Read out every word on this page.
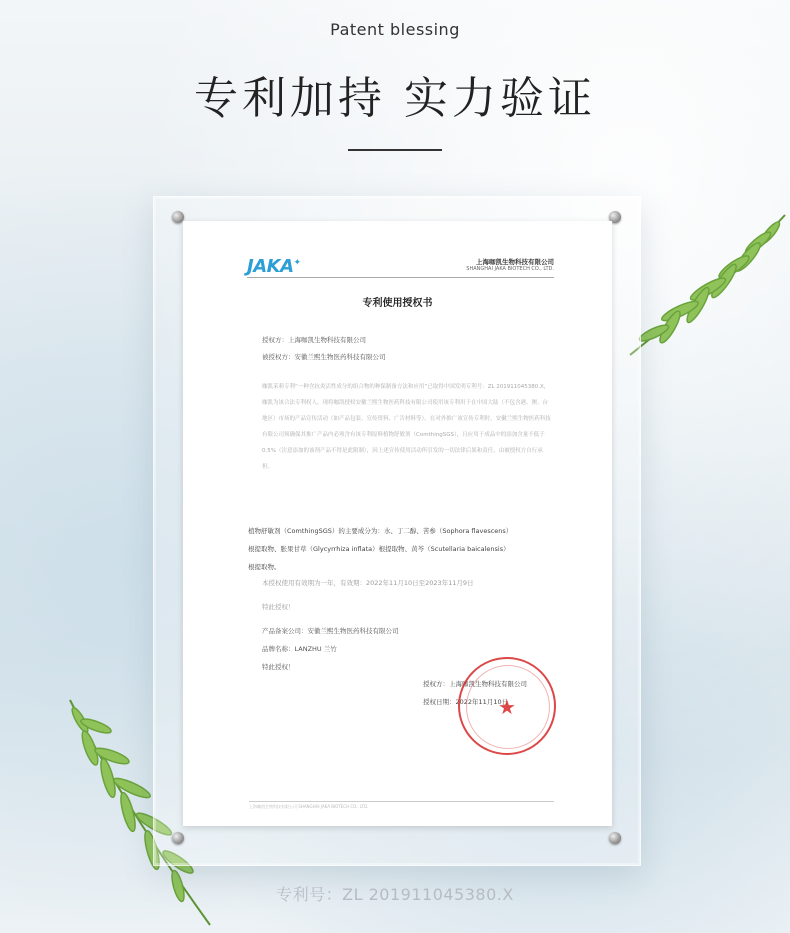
Patent blessing
专利加持 实力验证
JAKA✦	上海咖凯生物科技有限公司
SHANGHAI JAKA BIOTECH CO., LTD.
专利使用授权书
授权方：上海咖凯生物科技有限公司
被授权方：安徽兰熙生物医药科技有限公司
咖凯茉莉专利“一种含抗炎活性成分的组合物的种保制备方法和应用”已取得中国发明专利号：ZL 201911045380.X，咖凯为该合法专利权人。现将咖凯授权安徽兰熙生物医药科技有限公司使用该专利用于在中国大陆（不包含港、澳、台地区）市场的产品宣传活动（如产品包装、宣传资料、广告材料等）。在对外推广该宣传专利时，安徽兰熙生物医药科技有限公司须确保其推广产品内必须含有该专利原料植物舒敏剂（ComthingSGS），且应用于成品中的添加含量不低于0.5%（注意添加的该剂产品不得是此限制），因上述宣传使用活动所引发的一切法律后果和责任，由被授权方自行承担。
植物舒敏剂（ComthingSGS）的主要成分为：水、丁二醇、苦参（Sophora flavescens）
根提取物、胀果甘草（Glycyrrhiza inflata）根提取物、黄芩（Scutellaria baicalensis）
根提取物。
本授权使用有效期为一年，有效期：2022年11月10日至2023年11月9日
特此授权！
产品备案公司：安徽兰熙生物医药科技有限公司
品牌名称：LANZHU 兰竹
特此授权！
授权方：上海咖凯生物科技有限公司
授权日期：2022年11月10日
★
上海咖凯生物科技有限公司 SHANGHAI JAKA BIOTECH CO., LTD.
专利号：ZL 201911045380.X
